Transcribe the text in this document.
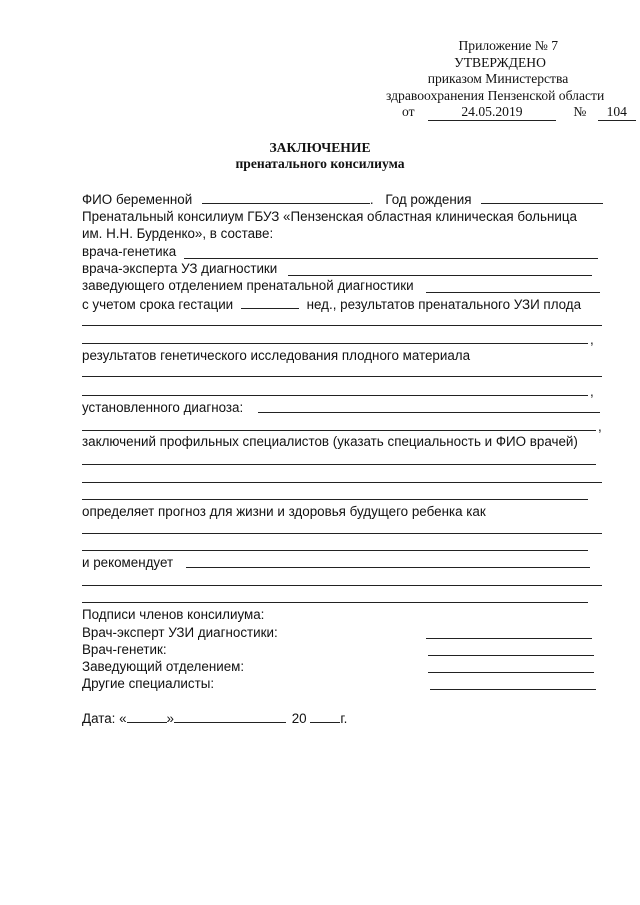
Приложение № 7
УТВЕРЖДЕНО
приказом Министерства
здравоохранения Пензенской области
от	24.05.2019	№ 104
ЗАКЛЮЧЕНИЕ
пренатального консилиума
ФИО беременной	. Год рождения
Пренатальный консилиум ГБУЗ «Пензенская областная клиническая больница
им. Н.Н. Бурденко», в составе:
врача-генетика
врача-эксперта УЗ диагностики
заведующего отделением пренатальной диагностики
с учетом срока гестации	нед., результатов пренатального УЗИ плода
,
результатов генетического исследования плодного материала
,
установленного диагноза:
,
заключений профильных специалистов (указать специальность и ФИО врачей)
определяет прогноз для жизни и здоровья будущего ребенка как
и рекомендует
Подписи членов консилиума:
Врач-эксперт УЗИ диагностики:
Врач-генетик:
Заведующий отделением:
Другие специалисты:
Дата: «	»	20	г.
